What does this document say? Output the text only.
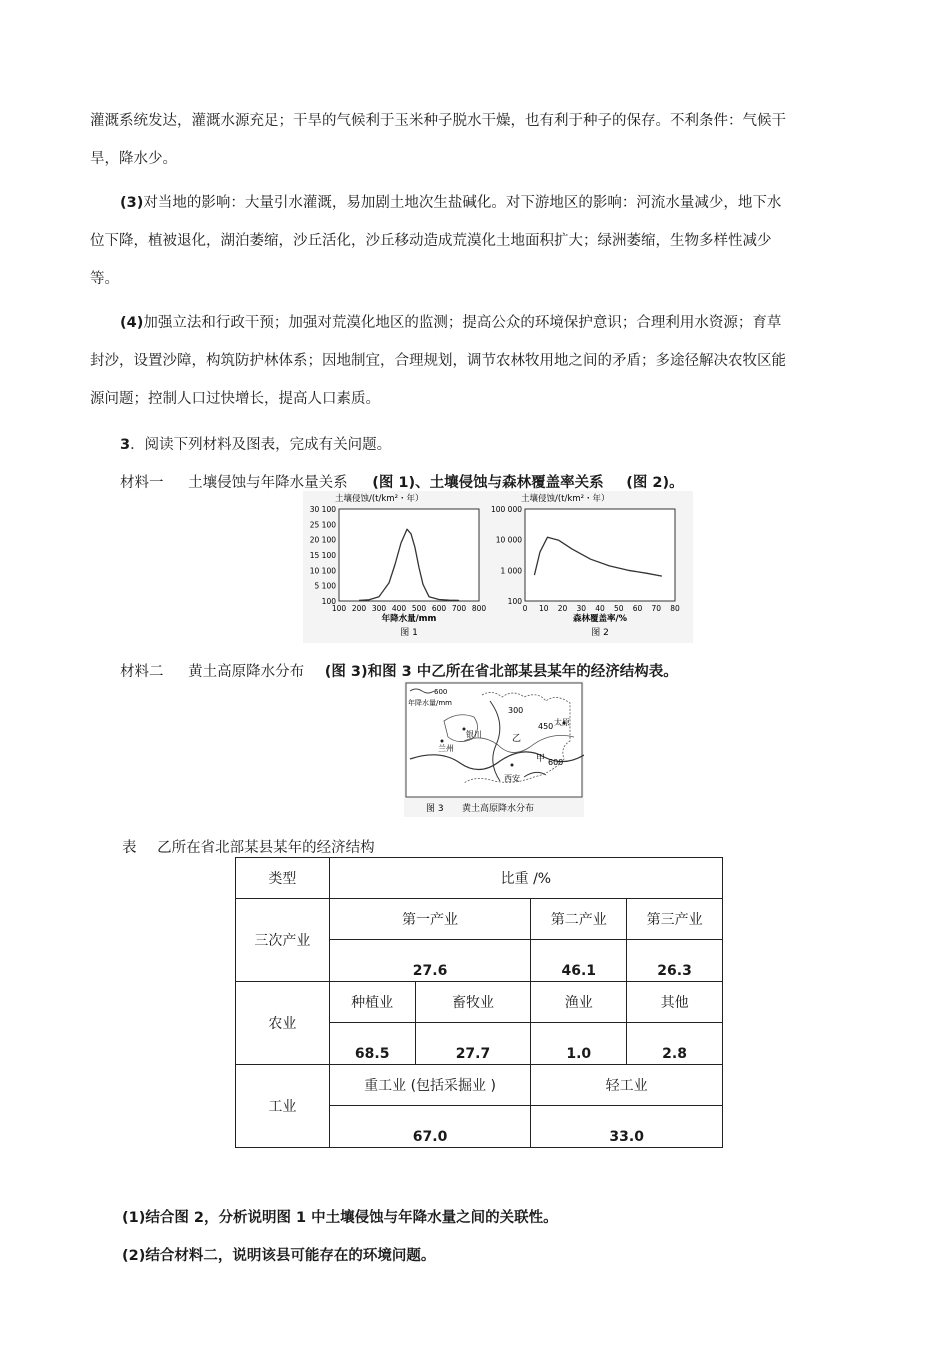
灌溉系统发达，灌溉水源充足；干旱的气候利于玉米种子脱水干燥，也有利于种子的保存。不利条件：气候干旱，降水少。
(3)对当地的影响：大量引水灌溉，易加剧土地次生盐碱化。对下游地区的影响：河流水量减少，地下水位下降，植被退化，湖泊萎缩，沙丘活化，沙丘移动造成荒漠化土地面积扩大；绿洲萎缩，生物多样性减少等。
(4)加强立法和行政干预；加强对荒漠化地区的监测；提高公众的环境保护意识；合理利用水资源；育草封沙，设置沙障，构筑防护林体系；因地制宜，合理规划，调节农林牧用地之间的矛盾；多途径解决农牧区能源问题；控制人口过快增长，提高人口素质。
3．阅读下列材料及图表，完成有关问题。
材料一 土壤侵蚀与年降水量关系 (图 1)、土壤侵蚀与森林覆盖率关系 (图 2)。
土壤侵蚀/(t/km²・年）
30 100
25 100
20 100
15 100
10 100
5 100
100
100 200 300 400 500 600 700 800
年降水量/mm
图 1
土壤侵蚀/(t/km²・年）
100 000
10 000
1 000
100
0 10 20 30 40 50 60 70 80
森林覆盖率/%
图 2
材料二 黄土高原降水分布 (图 3)和图 3 中乙所在省北部某县某年的经济结构表。
600
年降水量/mm
300
450 太原
银川
兰州
乙
甲 600
西安
图 3 黄土高原降水分布
表 乙所在省北部某县某年的经济结构
类型	比重 /%			
三次产业	第一产业		第二产业	第三产业
	27.6		46.1	26.3
农业	种植业	畜牧业	渔业	其他
	68.5	27.7	1.0	2.8
工业	重工业 (包括采掘业 )		轻工业	
	67.0		33.0	
(1)结合图 2，分析说明图 1 中土壤侵蚀与年降水量之间的关联性。
(2)结合材料二，说明该县可能存在的环境问题。
